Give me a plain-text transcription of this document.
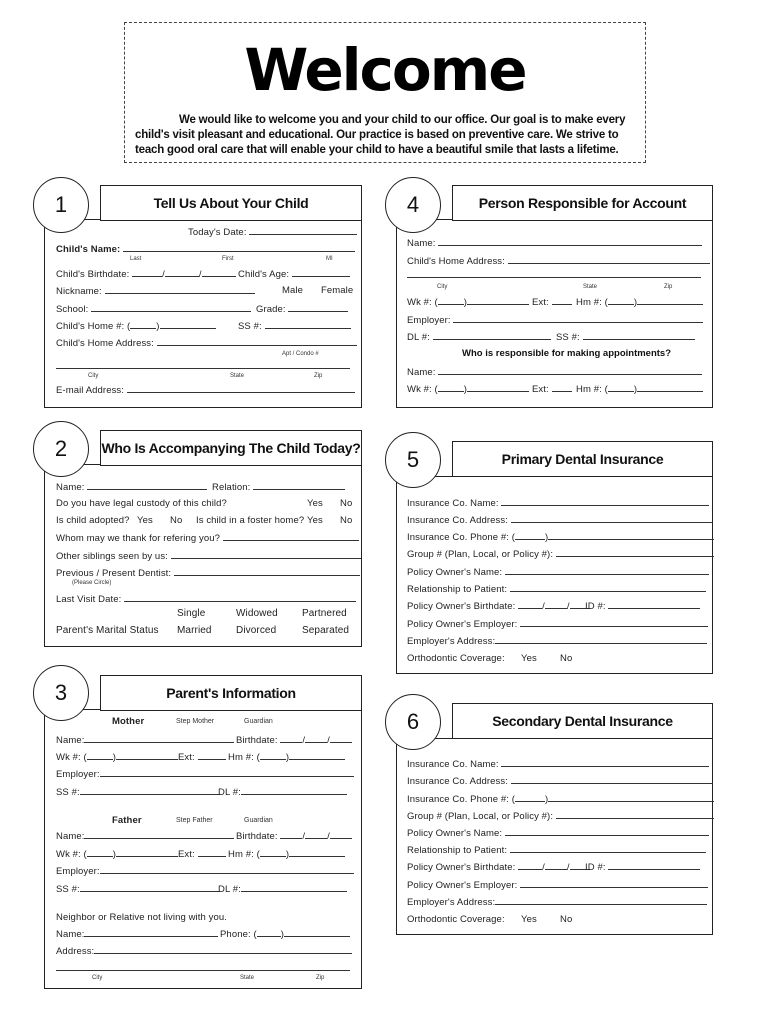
Welcome
We would like to welcome you and your child to our office. Our goal is to make every child's visit pleasant and educational. Our practice is based on preventive care. We strive to teach good oral care that will enable your child to have a beautiful smile that lasts a lifetime.
Tell Us About Your Child
1
Today's Date:
Child's Name:
Last	First	MI
Child's Birthdate:	/	/	Child's Age:
Nickname:	Male Female
School:	Grade:
Child's Home #: (	)	SS #:
Child's Home Address:
Apt / Condo #
City	State	Zip
E-mail Address:
Who Is Accompanying The Child Today?
2
Name:	Relation:
Do you have legal custody of this child?	Yes No
Is child adopted? Yes No Is child in a foster home? Yes No
Whom may we thank for refering you?
Other siblings seen by us:
Previous / Present Dentist:
(Please Circle)
Last Visit Date:
Single	Widowed Partnered
Parent's Marital Status Married Divorced	Separated
Parent's Information
3
Mother	Step Mother	Guardian
Name:	Birthdate:	/ /
Wk #: (	)	Ext:	Hm #: (	)
Employer:
SS #:	DL #:
Father	Step Father	Guardian
Name:	Birthdate:	/ /
Wk #: (	)	Ext:	Hm #: (	)
Employer:
SS #:	DL #:
Neighbor or Relative not living with you.
Name:	Phone: (	)
Address:
City	State	Zip
Person Responsible for Account
4
Name:
Child's Home Address:
City	State	Zip
Wk #: (	)	Ext:	Hm #: (	)
Employer:
DL #:	SS #:
Who is responsible for making appointments?
Name:
Wk #: (	)	Ext:	Hm #: (	)
Primary Dental Insurance
5
Insurance Co. Name:
Insurance Co. Address:
Insurance Co. Phone #: (	)
Group # (Plan, Local, or Policy #):
Policy Owner's Name:
Relationship to Patient:
Policy Owner's Birthdate:	/ /	ID #:
Policy Owner's Employer:
Employer's Address:
Orthodontic Coverage: Yes No
Secondary Dental Insurance
6
Insurance Co. Name:
Insurance Co. Address:
Insurance Co. Phone #: (	)
Group # (Plan, Local, or Policy #):
Policy Owner's Name:
Relationship to Patient:
Policy Owner's Birthdate:	/ /	ID #:
Policy Owner's Employer:
Employer's Address:
Orthodontic Coverage: Yes No
